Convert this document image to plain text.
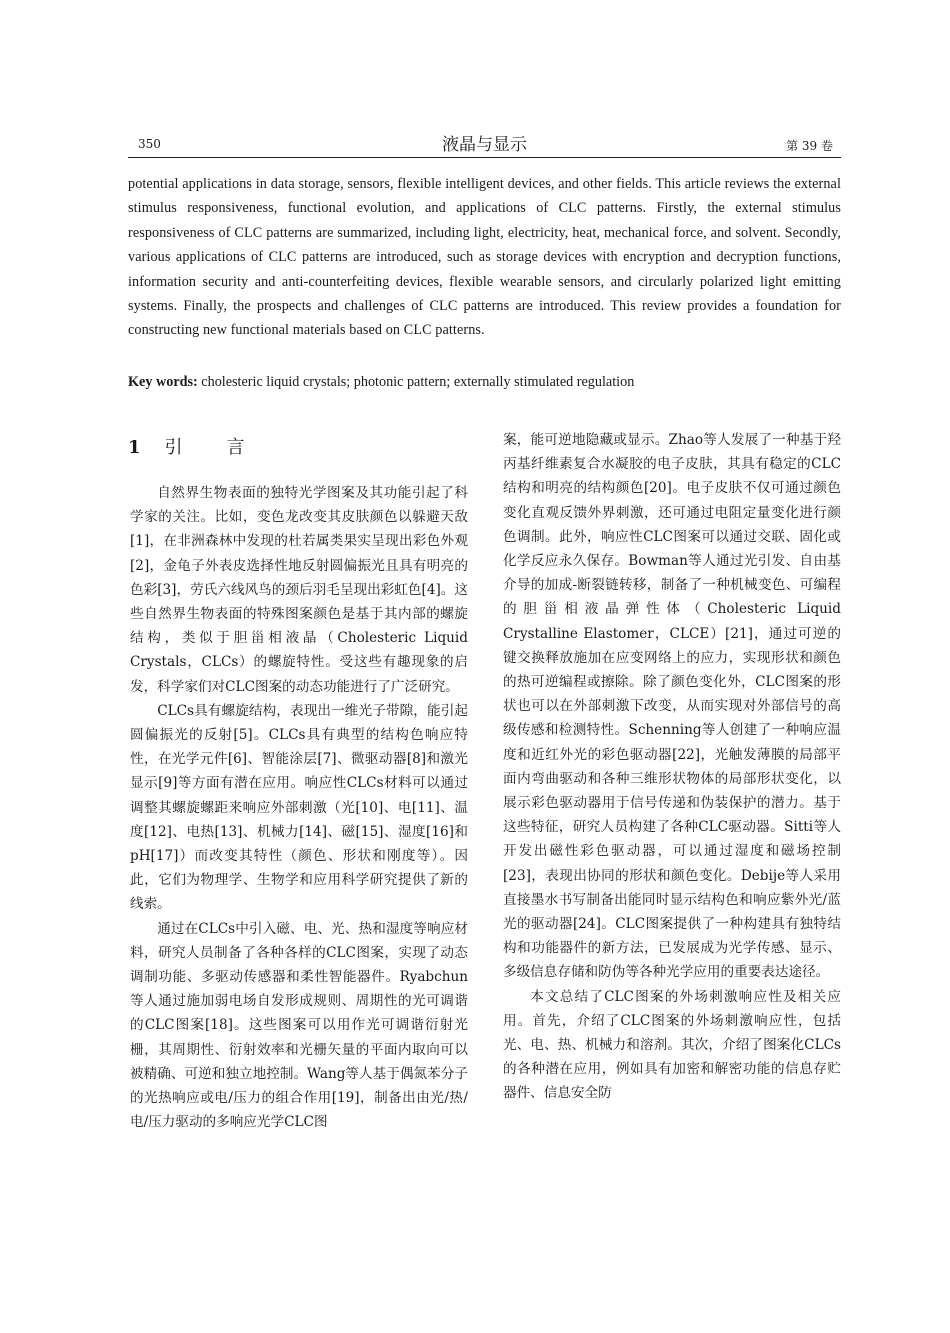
350	液晶与显示	第 39 卷
potential applications in data storage, sensors, flexible intelligent devices, and other fields. This article reviews the external stimulus responsiveness, functional evolution, and applications of CLC patterns. Firstly, the external stimulus responsiveness of CLC patterns are summarized, including light, electricity, heat, mechanical force, and solvent. Secondly, various applications of CLC patterns are introduced, such as storage devices with encryption and decryption functions, information security and anti-counterfeiting devices, flexible wearable sensors, and circularly polarized light emitting systems. Finally, the prospects and challenges of CLC patterns are introduced. This review provides a foundation for constructing new functional materials based on CLC patterns.
Key words: cholesteric liquid crystals; photonic pattern; externally stimulated regulation
1 引言

自然界生物表面的独特光学图案及其功能引起了科学家的关注。比如，变色龙改变其皮肤颜色以躲避天敌[1]，在非洲森林中发现的杜若属类果实呈现出彩色外观[2]，金龟子外表皮选择性地反射圆偏振光且具有明亮的色彩[3]，劳氏六线风鸟的颈后羽毛呈现出彩虹色[4]。这些自然界生物表面的特殊图案颜色是基于其内部的螺旋结构，类似于胆甾相液晶（Cholesteric Liquid Crystals，CLCs）的螺旋特性。受这些有趣现象的启发，科学家们对CLC图案的动态功能进行了广泛研究。

CLCs具有螺旋结构，表现出一维光子带隙，能引起圆偏振光的反射[5]。CLCs具有典型的结构色响应特性，在光学元件[6]、智能涂层[7]、微驱动器[8]和激光显示[9]等方面有潜在应用。响应性CLCs材料可以通过调整其螺旋螺距来响应外部刺激（光[10]、电[11]、温度[12]、电热[13]、机械力[14]、磁[15]、湿度[16]和pH[17]）而改变其特性（颜色、形状和刚度等）。因此，它们为物理学、生物学和应用科学研究提供了新的线索。

通过在CLCs中引入磁、电、光、热和湿度等响应材料，研究人员制备了各种各样的CLC图案，实现了动态调制功能、多驱动传感器和柔性智能器件。Ryabchun等人通过施加弱电场自发形成规则、周期性的光可调谐的CLC图案[18]。这些图案可以用作光可调谐衍射光栅，其周期性、衍射效率和光栅矢量的平面内取向可以被精确、可逆和独立地控制。Wang等人基于偶氮苯分子的光热响应或电/压力的组合作用[19]，制备出由光/热/电/压力驱动的多响应光学CLC图

案，能可逆地隐藏或显示。Zhao等人发展了一种基于羟丙基纤维素复合水凝胶的电子皮肤，其具有稳定的CLC结构和明亮的结构颜色[20]。电子皮肤不仅可通过颜色变化直观反馈外界刺激，还可通过电阻定量变化进行颜色调制。此外，响应性CLC图案可以通过交联、固化或化学反应永久保存。Bowman等人通过光引发、自由基介导的加成-断裂链转移，制备了一种机械变色、可编程的胆甾相液晶弹性体（Cholesteric Liquid Crystalline Elastomer，CLCE）[21]，通过可逆的键交换释放施加在应变网络上的应力，实现形状和颜色的热可逆编程或擦除。除了颜色变化外，CLC图案的形状也可以在外部刺激下改变，从而实现对外部信号的高级传感和检测特性。Schenning等人创建了一种响应温度和近红外光的彩色驱动器[22]，光触发薄膜的局部平面内弯曲驱动和各种三维形状物体的局部形状变化，以展示彩色驱动器用于信号传递和伪装保护的潜力。基于这些特征，研究人员构建了各种CLC驱动器。Sitti等人开发出磁性彩色驱动器，可以通过湿度和磁场控制[23]，表现出协同的形状和颜色变化。Debije等人采用直接墨水书写制备出能同时显示结构色和响应紫外光/蓝光的驱动器[24]。CLC图案提供了一种构建具有独特结构和功能器件的新方法，已发展成为光学传感、显示、多级信息存储和防伪等各种光学应用的重要表达途径。

本文总结了CLC图案的外场刺激响应性及相关应用。首先，介绍了CLC图案的外场刺激响应性，包括光、电、热、机械力和溶剂。其次，介绍了图案化CLCs的各种潜在应用，例如具有加密和解密功能的信息存贮器件、信息安全防
